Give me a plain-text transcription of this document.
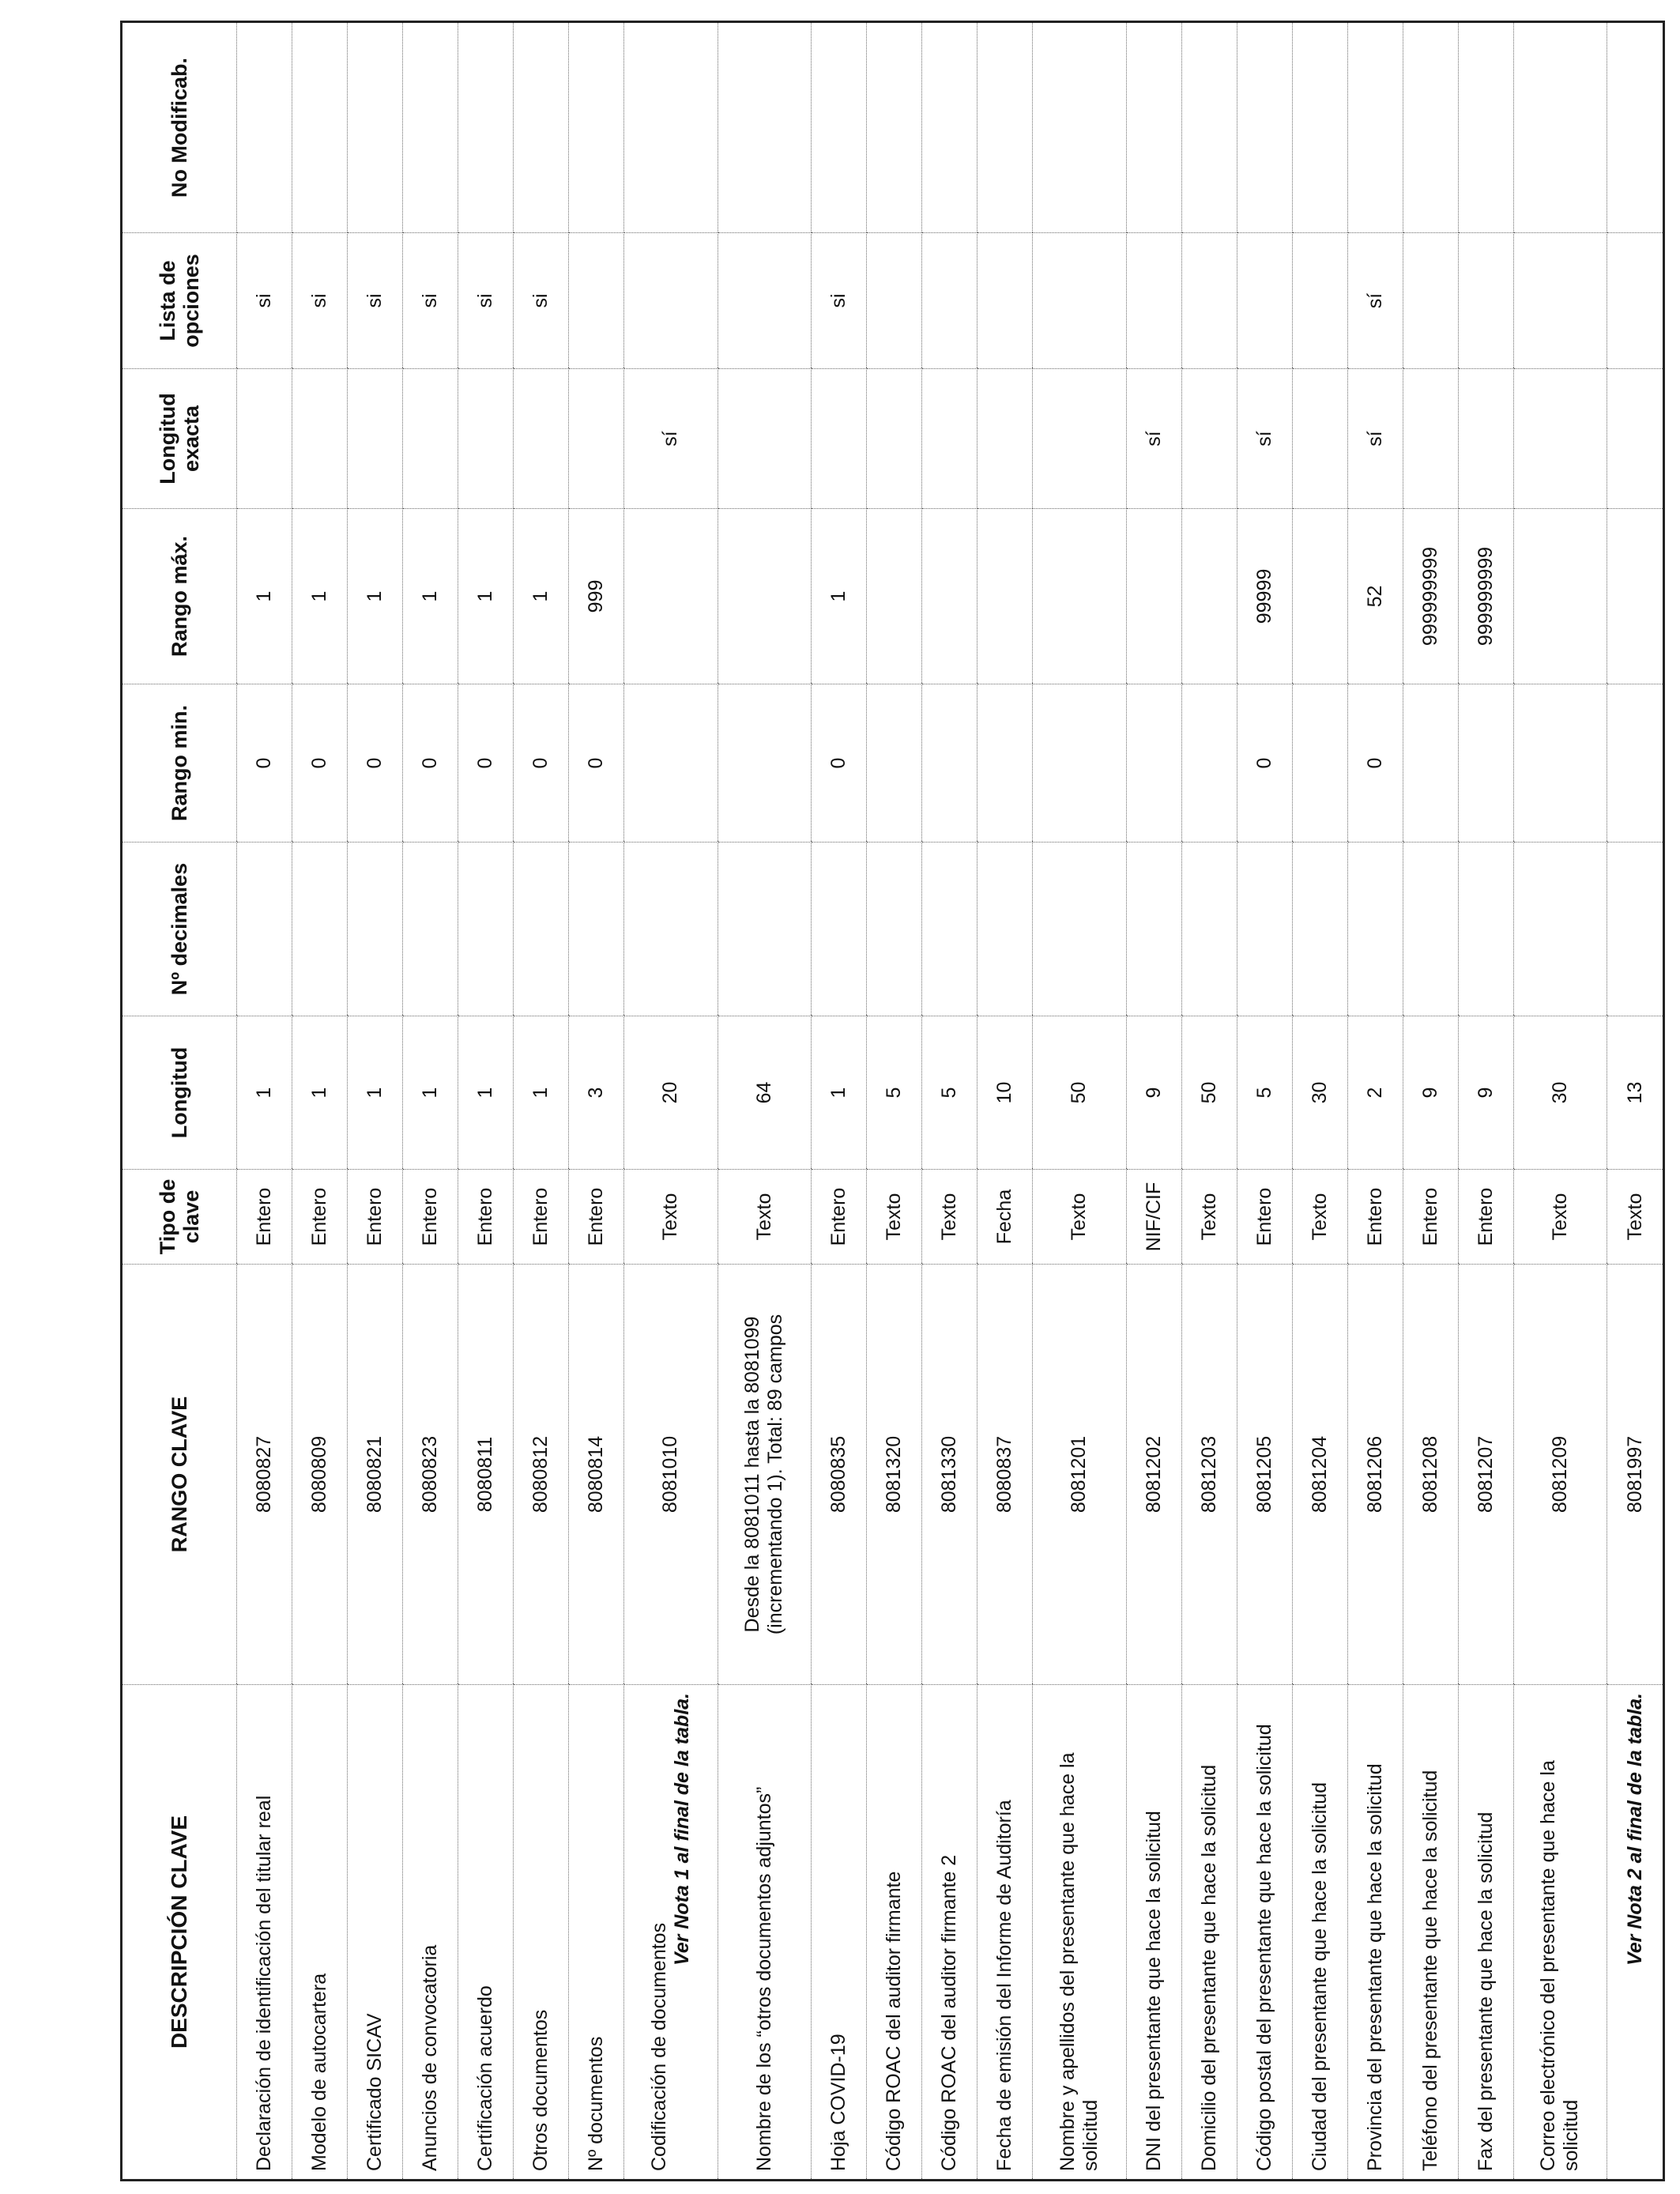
DESCRIPCIÓN CLAVE	RANGO CLAVE	Tipo de clave	Longitud	Nº decimales	Rango min.	Rango máx.	Longitud exacta	Lista de opciones	No Modificab.
Declaración de identificación del titular real	8080827	Entero	1		0	1		si	
Modelo de autocartera	8080809	Entero	1		0	1		si	
Certificado SICAV	8080821	Entero	1		0	1		si	
Anuncios de convocatoria	8080823	Entero	1		0	1		si	
Certificación acuerdo	8080811	Entero	1		0	1		si	
Otros documentos	8080812	Entero	1		0	1		si	
Nº documentos	8080814	Entero	3		0	999			
Codificación de documentos
Ver Nota 1 al final de la tabla.	8081010	Texto	20				sí		
Nombre de los “otros documentos adjuntos”	Desde la 8081011 hasta la 8081099 (incrementando 1). Total: 89 campos	Texto	64						
Hoja COVID-19	8080835	Entero	1		0	1		si	
Código ROAC del auditor firmante	8081320	Texto	5						
Código ROAC del auditor firmante 2	8081330	Texto	5						
Fecha de emisión del Informe de Auditoría	8080837	Fecha	10						
Nombre y apellidos del presentante que hace la solicitud	8081201	Texto	50						
DNI del presentante que hace la solicitud	8081202	NIF/CIF	9				sí		
Domicilio del presentante que hace la solicitud	8081203	Texto	50						
Código postal del presentante que hace la solicitud	8081205	Entero	5		0	99999	sí		
Ciudad del presentante que hace la solicitud	8081204	Texto	30						
Provincia del presentante que hace la solicitud	8081206	Entero	2		0	52	sí	sí	
Teléfono del presentante que hace la solicitud	8081208	Entero	9			999999999			
Fax del presentante que hace la solicitud	8081207	Entero	9			999999999			
Correo electrónico del presentante que hace la solicitud	8081209	Texto	30						

Ver Nota 2 al final de la tabla.	8081997	Texto	13						
